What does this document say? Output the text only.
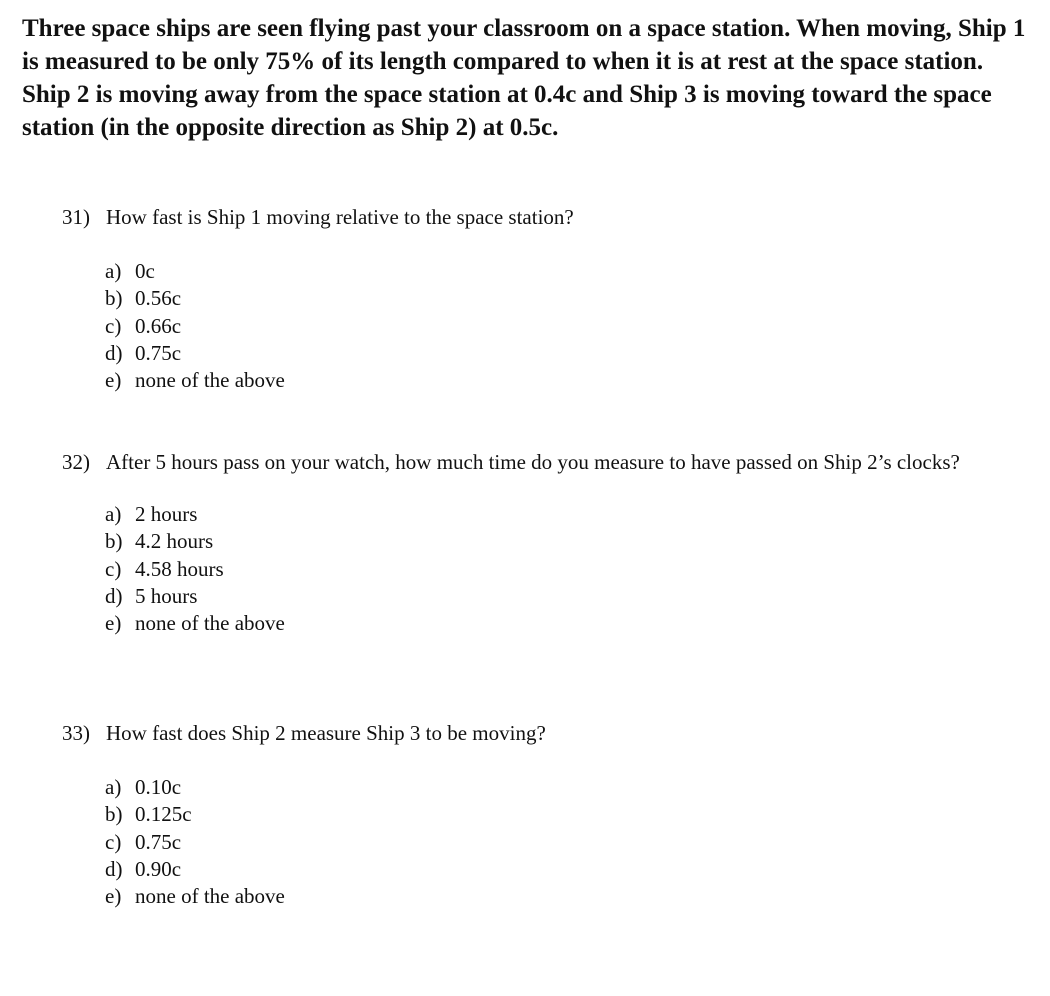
Three space ships are seen flying past your classroom on a space station. When moving, Ship 1 is measured to be only 75% of its length compared to when it is at rest at the space station. Ship 2 is moving away from the space station at 0.4c and Ship 3 is moving toward the space station (in the opposite direction as Ship 2) at 0.5c.

31) How fast is Ship 1 moving relative to the space station?
a) 0c
b) 0.56c
c) 0.66c
d) 0.75c
e) none of the above
32) After 5 hours pass on your watch, how much time do you measure to have passed on Ship 2’s clocks?
a) 2 hours
b) 4.2 hours
c) 4.58 hours
d) 5 hours
e) none of the above
33) How fast does Ship 2 measure Ship 3 to be moving?
a) 0.10c
b) 0.125c
c) 0.75c
d) 0.90c
e) none of the above
